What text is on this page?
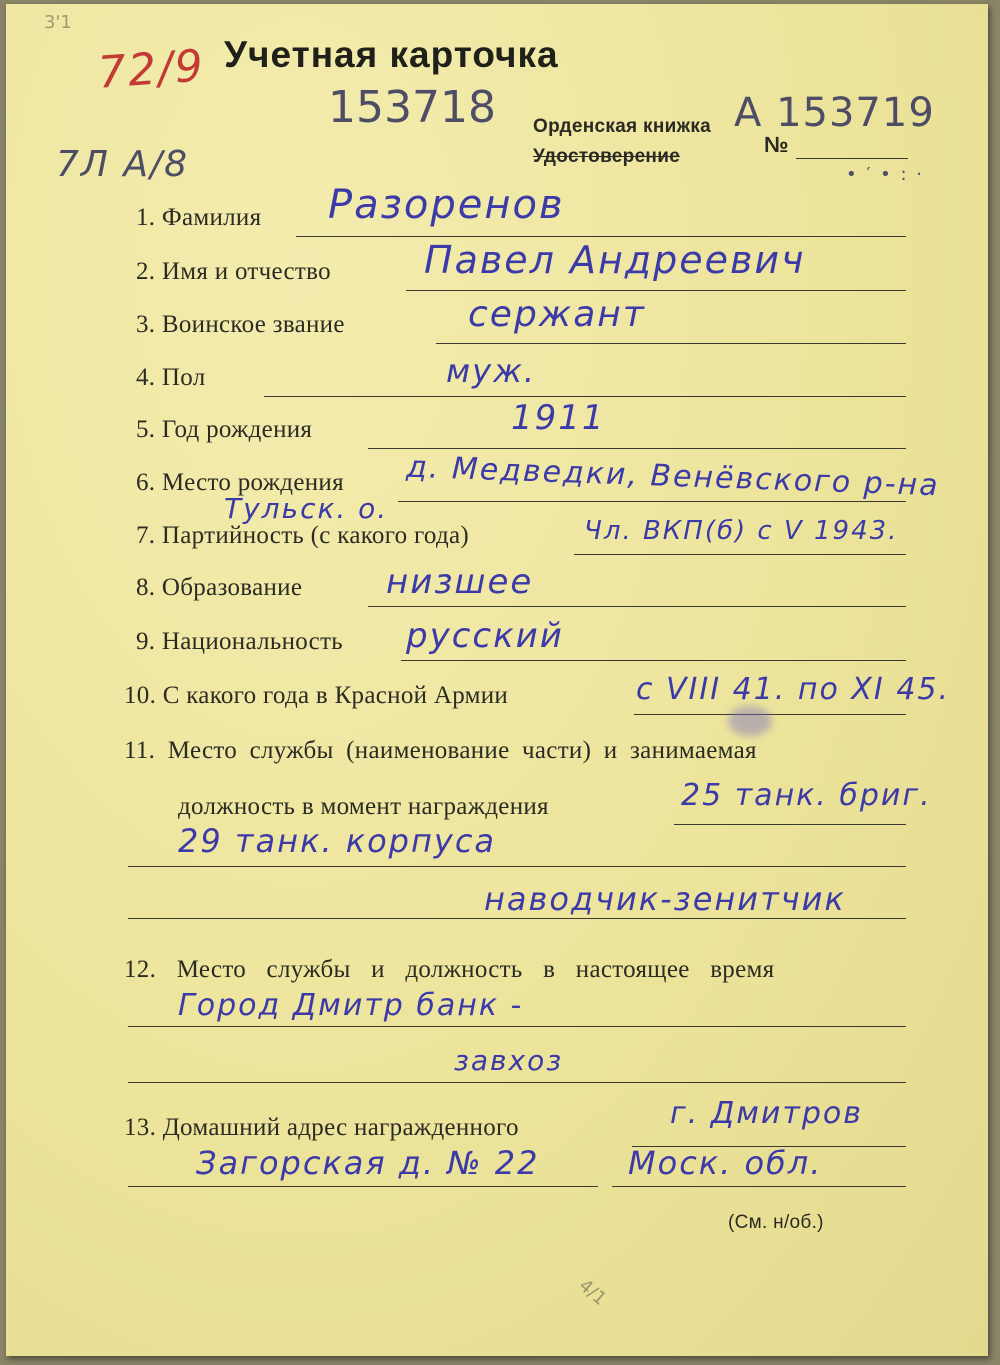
3'1
72/9 Учетная карточка
153718
7Л А/8
Орденская книжка
Удостоверение	№
А 153719
• ′ • : ·
1. Фамилия Разоренов
2. Имя и отчество Павел Андреевич
3. Воинское звание	сержант
4. Пол	муж.
5. Год рождения	1911
6. Место рождения д. Медведки, Венёвского р-на
Тульск. о.
7. Партийность (с какого года)	Чл. ВКП(б) с V 1943.
8. Образование низшее
9. Национальность русский
10. С какого года в Красной Армии	с VIII 41. по XI 45.
11. Место службы (наименование части) и занимаемая
должность в момент награждения	25 танк. бриг.
29 танк. корпуса
наводчик-зенитчик
12. Место службы и должность в настоящее время
Город Дмитр банк -
завхоз
13. Домашний адрес награжденного	г. Дмитров
Загорская д. № 22	Моск. обл.
(См. н/об.)
4/1
